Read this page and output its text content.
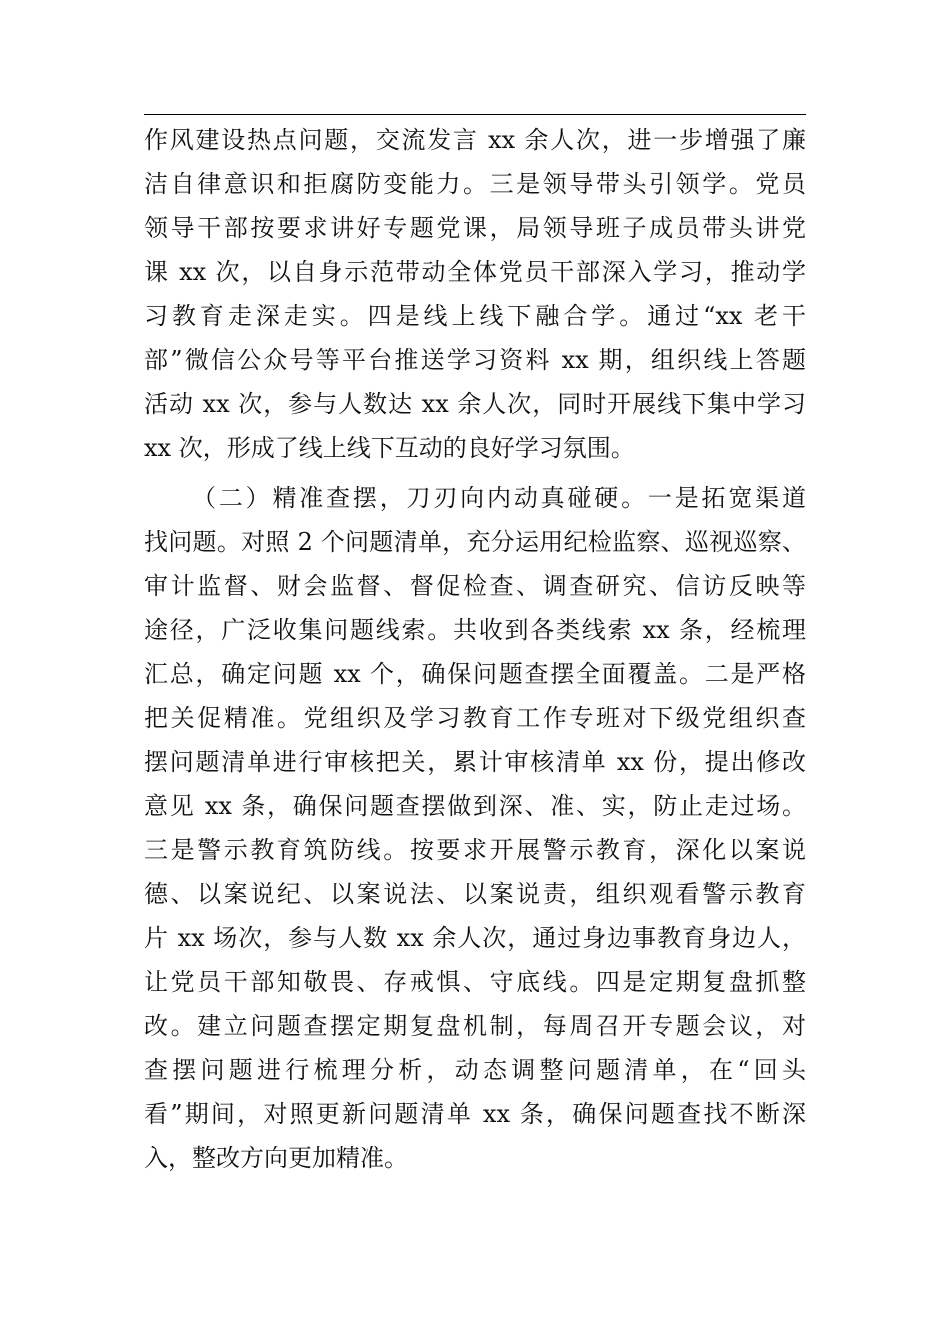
作风建设热点问题，交流发言 xx 余人次，进一步增强了廉
洁自律意识和拒腐防变能力。三是领导带头引领学。党员
领导干部按要求讲好专题党课，局领导班子成员带头讲党
课 xx 次，以自身示范带动全体党员干部深入学习，推动学
习教育走深走实。四是线上线下融合学。通过“xx 老干
部”微信公众号等平台推送学习资料 xx 期，组织线上答题
活动 xx 次，参与人数达 xx 余人次，同时开展线下集中学习
xx 次，形成了线上线下互动的良好学习氛围。
（二）精准查摆，刀刃向内动真碰硬。一是拓宽渠道
找问题。对照 2 个问题清单，充分运用纪检监察、巡视巡察、
审计监督、财会监督、督促检查、调查研究、信访反映等
途径，广泛收集问题线索。共收到各类线索 xx 条，经梳理
汇总，确定问题 xx 个，确保问题查摆全面覆盖。二是严格
把关促精准。党组织及学习教育工作专班对下级党组织查
摆问题清单进行审核把关，累计审核清单 xx 份，提出修改
意见 xx 条，确保问题查摆做到深、准、实，防止走过场。
三是警示教育筑防线。按要求开展警示教育，深化以案说
德、以案说纪、以案说法、以案说责，组织观看警示教育
片 xx 场次，参与人数 xx 余人次，通过身边事教育身边人，
让党员干部知敬畏、存戒惧、守底线。四是定期复盘抓整
改。建立问题查摆定期复盘机制，每周召开专题会议，对
查摆问题进行梳理分析，动态调整问题清单，在“回头
看”期间，对照更新问题清单 xx 条，确保问题查找不断深
入，整改方向更加精准。
